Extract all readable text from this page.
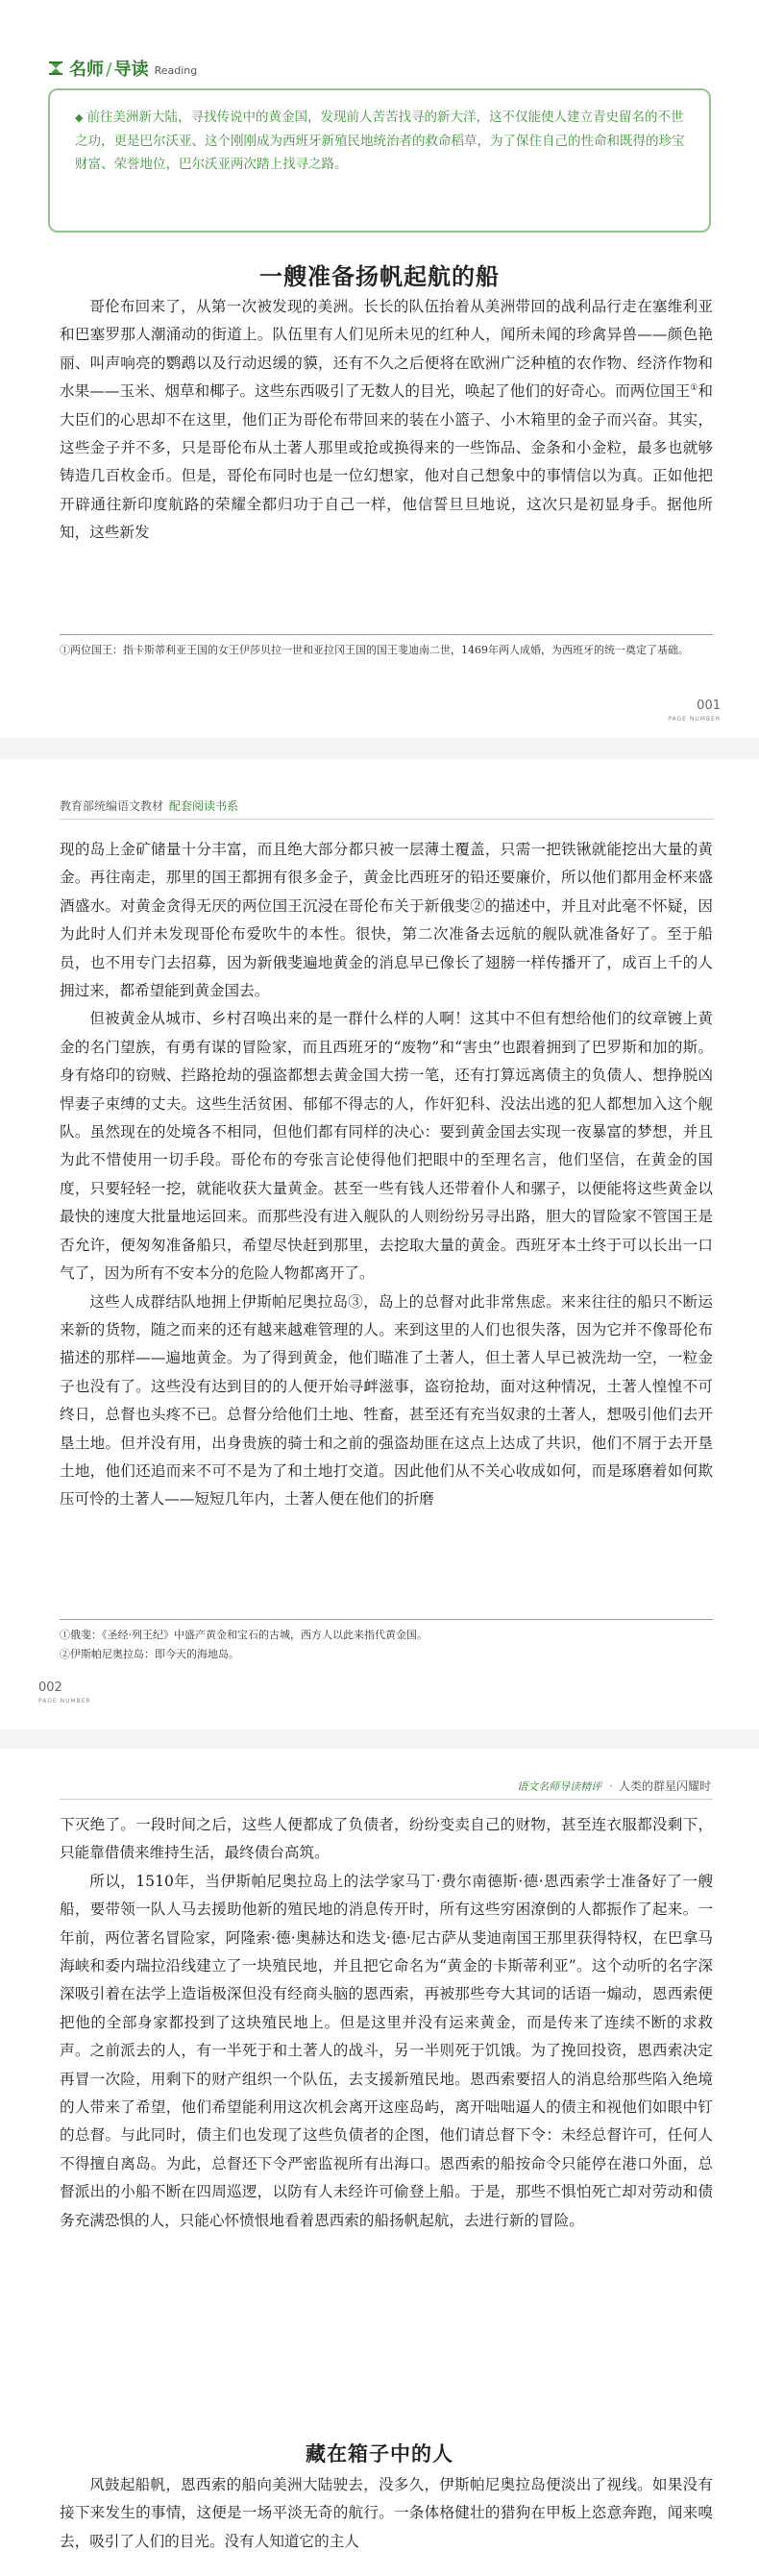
名师 / 导读 Reading
◆ 前往美洲新大陆，寻找传说中的黄金国，发现前人苦苦找寻的新大洋，这不仅能使人建立青史留名的不世之功，更是巴尔沃亚、这个刚刚成为西班牙新殖民地统治者的救命稻草，为了保住自己的性命和既得的珍宝财富、荣誉地位，巴尔沃亚两次踏上找寻之路。
一艘准备扬帆起航的船

哥伦布回来了，从第一次被发现的美洲。长长的队伍抬着从美洲带回的战利品行走在塞维利亚和巴塞罗那人潮涌动的街道上。队伍里有人们见所未见的红种人，闻所未闻的珍禽异兽——颜色艳丽、叫声响亮的鹦鹉以及行动迟缓的貘，还有不久之后便将在欧洲广泛种植的农作物、经济作物和水果——玉米、烟草和椰子。这些东西吸引了无数人的目光，唤起了他们的好奇心。而两位国王①和大臣们的心思却不在这里，他们正为哥伦布带回来的装在小篮子、小木箱里的金子而兴奋。其实，这些金子并不多，只是哥伦布从土著人那里或抢或换得来的一些饰品、金条和小金粒，最多也就够铸造几百枚金币。但是，哥伦布同时也是一位幻想家，他对自己想象中的事情信以为真。正如他把开辟通往新印度航路的荣耀全都归功于自己一样，他信誓旦旦地说，这次只是初显身手。据他所知，这些新发

①两位国王：指卡斯蒂利亚王国的女王伊莎贝拉一世和亚拉冈王国的国王斐迪南二世，1469年两人成婚，为西班牙的统一奠定了基础。
001
PAGE NUMBER
教育部统编语文教材 配套阅读书系

现的岛上金矿储量十分丰富，而且绝大部分都只被一层薄土覆盖，只需一把铁锹就能挖出大量的黄金。再往南走，那里的国王都拥有很多金子，黄金比西班牙的铅还要廉价，所以他们都用金杯来盛酒盛水。对黄金贪得无厌的两位国王沉浸在哥伦布关于新俄斐②的描述中，并且对此毫不怀疑，因为此时人们并未发现哥伦布爱吹牛的本性。很快，第二次准备去远航的舰队就准备好了。至于船员，也不用专门去招募，因为新俄斐遍地黄金的消息早已像长了翅膀一样传播开了，成百上千的人拥过来，都希望能到黄金国去。

但被黄金从城市、乡村召唤出来的是一群什么样的人啊！这其中不但有想给他们的纹章镀上黄金的名门望族，有勇有谋的冒险家，而且西班牙的“废物”和“害虫”也跟着拥到了巴罗斯和加的斯。身有烙印的窃贼、拦路抢劫的强盗都想去黄金国大捞一笔，还有打算远离债主的负债人、想挣脱凶悍妻子束缚的丈夫。这些生活贫困、郁郁不得志的人，作奸犯科、没法出逃的犯人都想加入这个舰队。虽然现在的处境各不相同，但他们都有同样的决心：要到黄金国去实现一夜暴富的梦想，并且为此不惜使用一切手段。哥伦布的夸张言论使得他们把眼中的至理名言，他们坚信，在黄金的国度，只要轻轻一挖，就能收获大量黄金。甚至一些有钱人还带着仆人和骡子，以便能将这些黄金以最快的速度大批量地运回来。而那些没有进入舰队的人则纷纷另寻出路，胆大的冒险家不管国王是否允许，便匆匆准备船只，希望尽快赶到那里，去挖取大量的黄金。西班牙本土终于可以长出一口气了，因为所有不安本分的危险人物都离开了。

这些人成群结队地拥上伊斯帕尼奥拉岛③，岛上的总督对此非常焦虑。来来往往的船只不断运来新的货物，随之而来的还有越来越难管理的人。来到这里的人们也很失落，因为它并不像哥伦布描述的那样——遍地黄金。为了得到黄金，他们瞄准了土著人，但土著人早已被洗劫一空，一粒金子也没有了。这些没有达到目的的人便开始寻衅滋事，盗窃抢劫，面对这种情况，土著人惶惶不可终日，总督也头疼不已。总督分给他们土地、牲畜，甚至还有充当奴隶的土著人，想吸引他们去开垦土地。但并没有用，出身贵族的骑士和之前的强盗劫匪在这点上达成了共识，他们不屑于去开垦土地，他们还追而来不可不是为了和土地打交道。因此他们从不关心收成如何，而是琢磨着如何欺压可怜的土著人——短短几年内，土著人便在他们的折磨

①俄斐：《圣经·列王纪》中盛产黄金和宝石的古城，西方人以此来指代黄金国。
②伊斯帕尼奥拉岛：即今天的海地岛。
002
PAGE NUMBER
语文名师导读精评 · 人类的群星闪耀时

下灭绝了。一段时间之后，这些人便都成了负债者，纷纷变卖自己的财物，甚至连衣服都没剩下，只能靠借债来维持生活，最终债台高筑。

所以，1510年，当伊斯帕尼奥拉岛上的法学家马丁·费尔南德斯·德·恩西索学士准备好了一艘船，要带领一队人马去援助他新的殖民地的消息传开时，所有这些穷困潦倒的人都振作了起来。一年前，两位著名冒险家，阿隆索·德·奥赫达和迭戈·德·尼古萨从斐迪南国王那里获得特权，在巴拿马海峡和委内瑞拉沿线建立了一块殖民地，并且把它命名为“黄金的卡斯蒂利亚”。这个动听的名字深深吸引着在法学上造诣极深但没有经商头脑的恩西索，再被那些夸大其词的话语一煽动，恩西索便把他的全部身家都投到了这块殖民地上。但是这里并没有运来黄金，而是传来了连续不断的求救声。之前派去的人，有一半死于和土著人的战斗，另一半则死于饥饿。为了挽回投资，恩西索决定再冒一次险，用剩下的财产组织一个队伍，去支援新殖民地。恩西索要招人的消息给那些陷入绝境的人带来了希望，他们希望能利用这次机会离开这座岛屿，离开咄咄逼人的债主和视他们如眼中钉的总督。与此同时，债主们也发现了这些负债者的企图，他们请总督下令：未经总督许可，任何人不得擅自离岛。为此，总督还下令严密监视所有出海口。恩西索的船按命令只能停在港口外面，总督派出的小船不断在四周巡逻，以防有人未经许可偷登上船。于是，那些不惧怕死亡却对劳动和债务充满恐惧的人，只能心怀愤恨地看着恩西索的船扬帆起航，去进行新的冒险。

藏在箱子中的人

风鼓起船帆，恩西索的船向美洲大陆驶去，没多久，伊斯帕尼奥拉岛便淡出了视线。如果没有接下来发生的事情，这便是一场平淡无奇的航行。一条体格健壮的猎狗在甲板上恣意奔跑，闻来嗅去，吸引了人们的目光。没有人知道它的主人
